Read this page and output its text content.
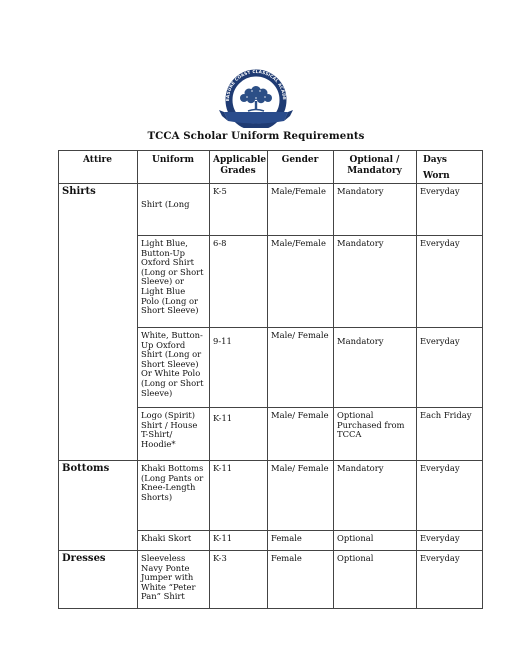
EASURE COAST CLASSICAL ACADE
TCCA Scholar Uniform Requirements
Attire	Uniform	Applicable Grades	Gender	Optional / Mandatory	Days
Worn

Shirts	Shirt (Long	K-5	Male/Female	Mandatory	Everyday
	Light Blue, Button-Up Oxford Shirt (Long or Short Sleeve) or Light Blue Polo (Long or Short Sleeve)	6-8	Male/Female	Mandatory	Everyday
	White, Button-Up Oxford Shirt (Long or Short Sleeve) Or White Polo (Long or Short Sleeve)	9-11	Male/ Female	Mandatory	Everyday

	Logo (Spirit) Shirt / House T-Shirt/ Hoodie*	K-11	Male/ Female	Optional Purchased from TCCA	Each Friday
Bottoms	Khaki Bottoms (Long Pants or Knee-Length Shorts)	K-11	Male/ Female	Mandatory	Everyday
	Khaki Skort	K-11	Female	Optional	Everyday
Dresses	Sleeveless Navy Ponte Jumper with White “Peter Pan” Shirt	K-3	Female	Optional	Everyday
